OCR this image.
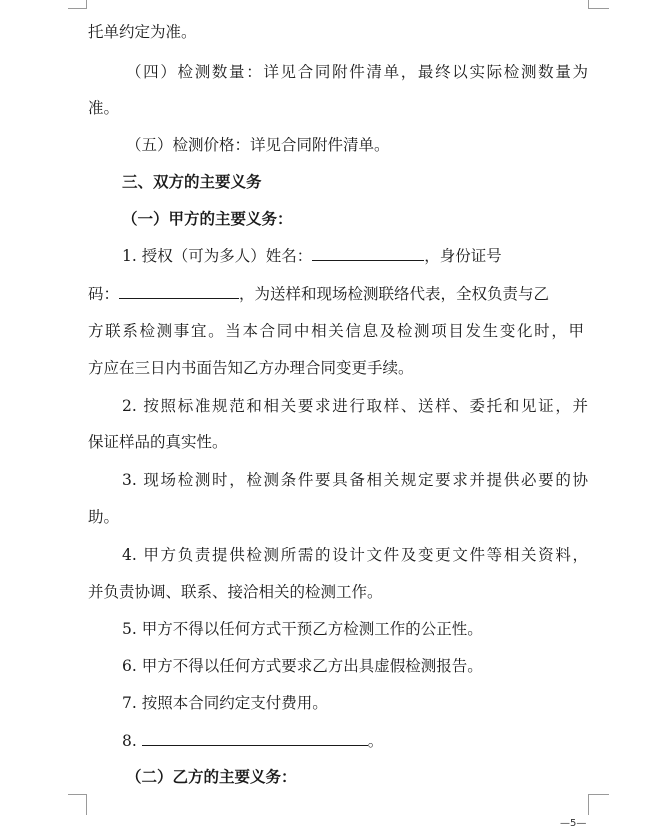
托单约定为准。
（四）检测数量：详见合同附件清单，最终以实际检测数量为
准。
（五）检测价格：详见合同附件清单。
三、双方的主要义务
（一）甲方的主要义务：
1. 授权（可为多人）姓名：	，身份证号
码：	，为送样和现场检测联络代表，全权负责与乙
方联系检测事宜。当本合同中相关信息及检测项目发生变化时，甲
方应在三日内书面告知乙方办理合同变更手续。
2. 按照标准规范和相关要求进行取样、送样、委托和见证，并
保证样品的真实性。
3. 现场检测时，检测条件要具备相关规定要求并提供必要的协
助。
4. 甲方负责提供检测所需的设计文件及变更文件等相关资料，
并负责协调、联系、接洽相关的检测工作。
5. 甲方不得以任何方式干预乙方检测工作的公正性。
6. 甲方不得以任何方式要求乙方出具虚假检测报告。
7. 按照本合同约定支付费用。
8.	。
（二）乙方的主要义务：
—5—
